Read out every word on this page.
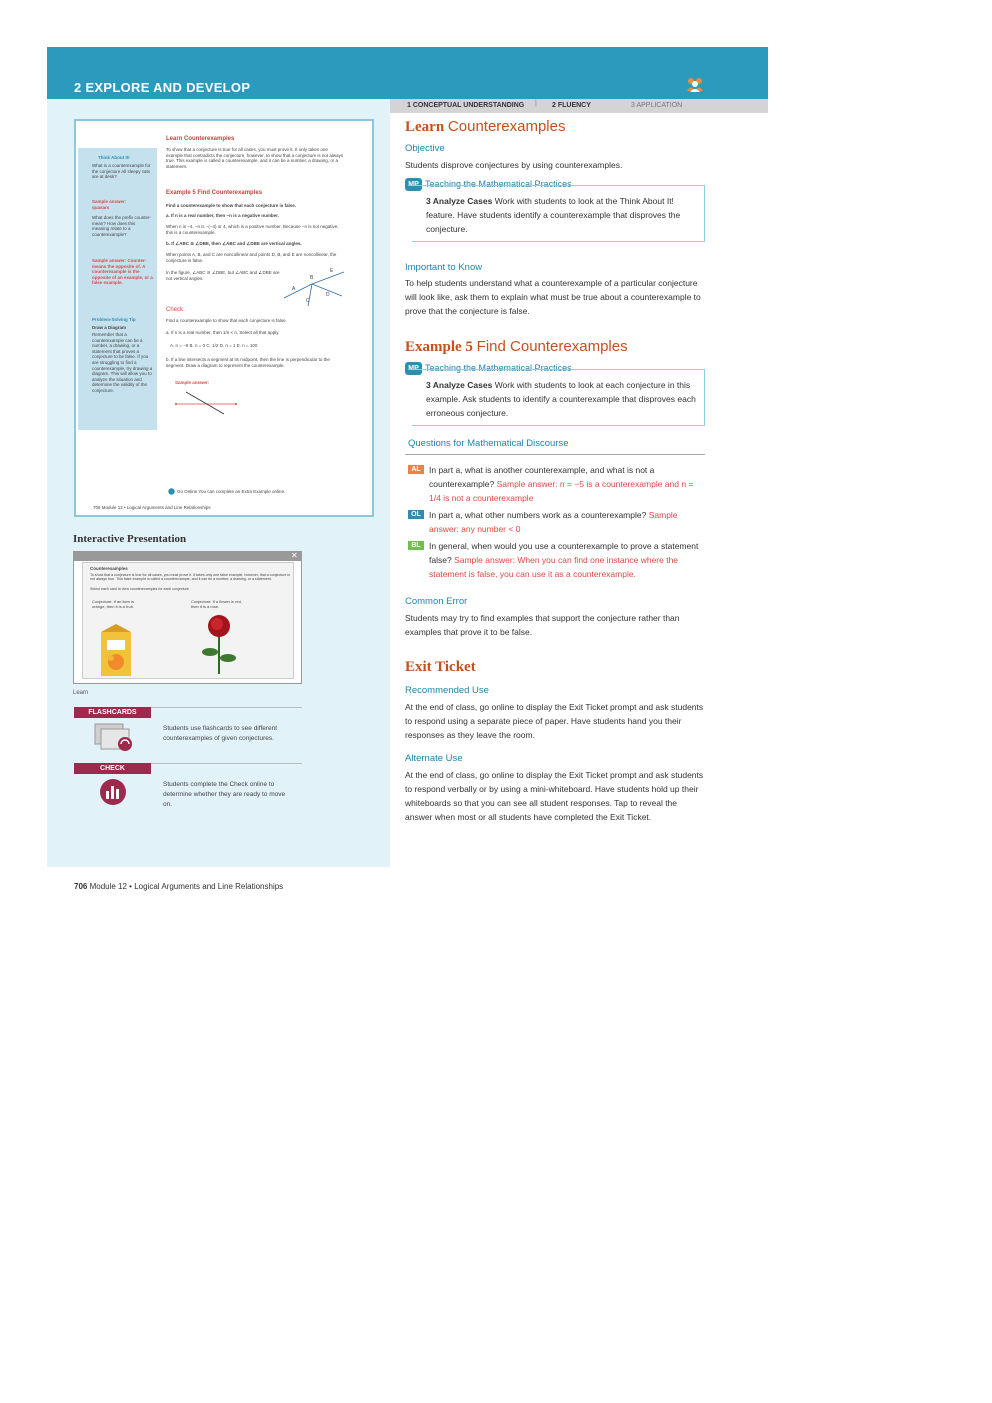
2 EXPLORE AND DEVELOP
1 CONCEPTUAL UNDERSTANDING | 2 FLUENCY	3 APPLICATION
Learn Counterexamples
To show that a conjecture is true for all cases, you must prove it. It only takes one example that contradicts the conjecture, however, to show that a conjecture is not always true. This example is called a counterexample, and it can be a number, a drawing, or a statement.
Example 5 Find Counterexamples
Find a counterexample to show that each conjecture is false.
a. If n is a real number, then −n is a negative number.
When n is −4, −n is −(−4) or 4, which is a positive number. Because −n is not negative, this is a counterexample.
b. If ∠ABC ≅ ∠DBE, then ∠ABC and ∠DBE are vertical angles.
When points A, B, and C are noncollinear and points D, B, and E are noncollinear, the conjecture is false.
In the figure, ∠ABC ≅ ∠DBE, but ∠ABC and ∠DBE are not vertical angles.	B
A
E
C
D
Check
Find a counterexample to show that each conjecture is false.
a. If n is a real number, then 1/n < n. Select all that apply.
A. n = −8 B. n = 0 C. 1/2 D. n = 1 E. n = 100
b. If a line intersects a segment at its midpoint, then the line is perpendicular to the segment. Draw a diagram to represent the counterexample.
Sample answer:
Go Online You can complete an Extra Example online.
706 Module 12 • Logical Arguments and Line Relationships
Think About It!
What is a counterexample for the conjecture All sleepy cats are at desk?
Sample answer:
quasars
What does the prefix counter- mean? How does this meaning relate to a counterexample?
Sample answer: Counter- means the opposite of. A counterexample is the opposite of an example, or a false example.
Problem-Solving Tip
Draw a Diagram
Remember that a counterexample can be a number, a drawing, or a statement that proves a conjecture to be false. If you are struggling to find a counterexample, try drawing a diagram. This will allow you to analyze the situation and determine the validity of the conjecture.
Interactive Presentation
✕
Counterexamples
To show that a conjecture is true for all cases, you must prove it. It takes only one false example, however, that a conjecture is not always true. This false example is called a counterexample, and it can be a number, a drawing, or a statement.
Select each card to view counterexamples for each conjecture.
Conjecture: If an item is orange, then it is a fruit.
Conjecture: If a flower is red, then it is a rose.
Learn
FLASHCARDS
Students use flashcards to see different counterexamples of given conjectures.
CHECK
Students complete the Check online to determine whether they are ready to move on.
706 Module 12 • Logical Arguments and Line Relationships
Learn Counterexamples
Objective
Students disprove conjectures by using counterexamples.
MP Teaching the Mathematical Practices
3 Analyze Cases Work with students to look at the Think About It! feature. Have students identify a counterexample that disproves the conjecture.
Important to Know
To help students understand what a counterexample of a particular conjecture will look like, ask them to explain what must be true about a counterexample to prove that the conjecture is false.
Example 5 Find Counterexamples
MP Teaching the Mathematical Practices
3 Analyze Cases Work with students to look at each conjecture in this example. Ask students to identify a counterexample that disproves each erroneous conjecture.
Questions for Mathematical Discourse
AL In part a, what is another counterexample, and what is not a counterexample? Sample answer: n = −5 is a counterexample and n = 1/4 is not a counterexample
OL In part a, what other numbers work as a counterexample? Sample answer: any number < 0
BL In general, when would you use a counterexample to prove a statement false? Sample answer: When you can find one instance where the statement is false, you can use it as a counterexample.
Common Error
Students may try to find examples that support the conjecture rather than examples that prove it to be false.
Exit Ticket
Recommended Use
At the end of class, go online to display the Exit Ticket prompt and ask students to respond using a separate piece of paper. Have students hand you their responses as they leave the room.
Alternate Use
At the end of class, go online to display the Exit Ticket prompt and ask students to respond verbally or by using a mini-whiteboard. Have students hold up their whiteboards so that you can see all student responses. Tap to reveal the answer when most or all students have completed the Exit Ticket.
